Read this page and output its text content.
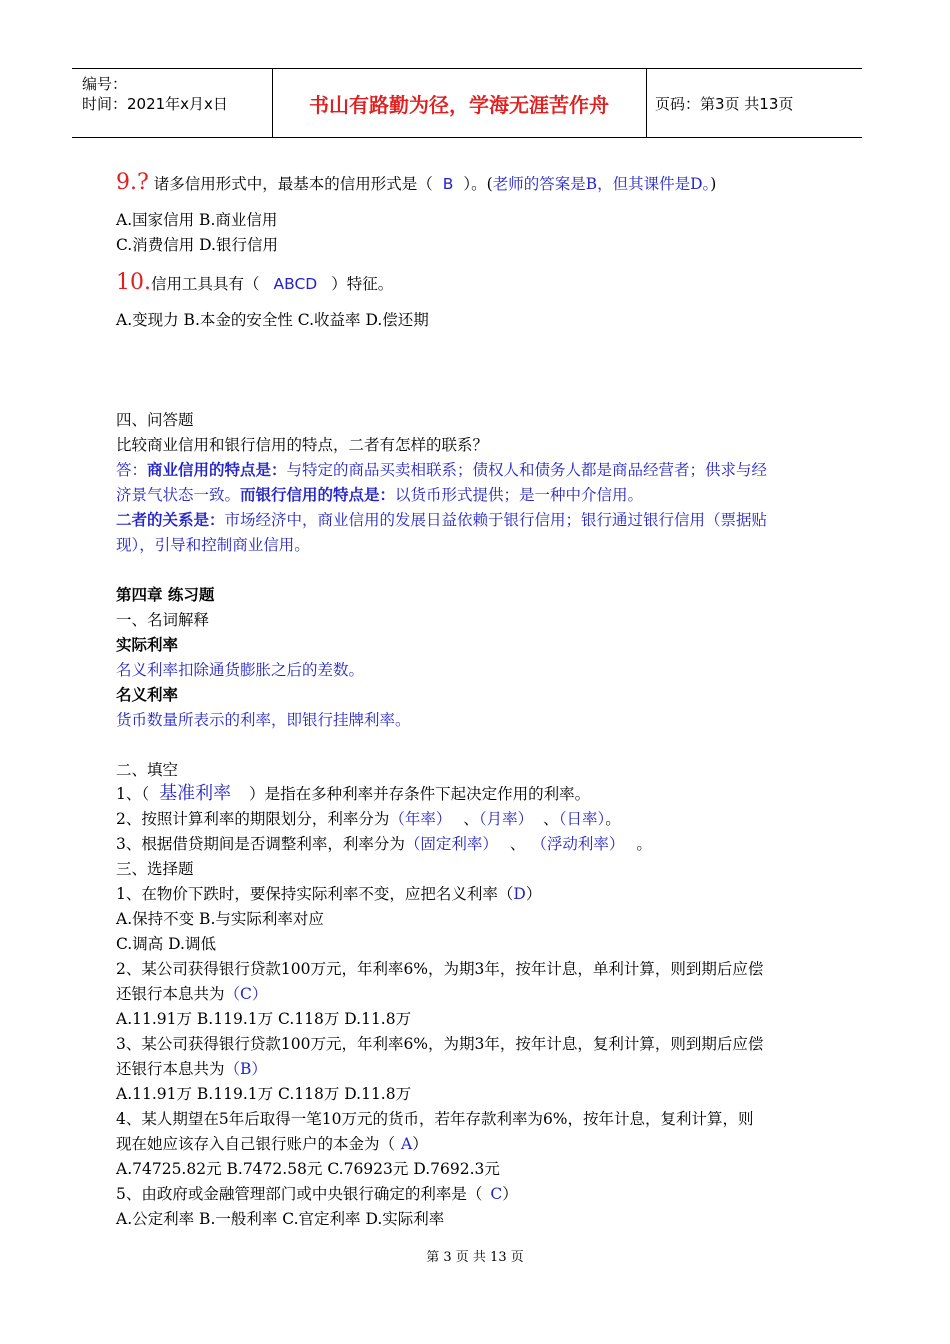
编号：
时间：2021年x月x日	书山有路勤为径，学海无涯苦作舟	页码：第3页 共13页
9.? 诸多信用形式中，最基本的信用形式是（ B ）。(老师的答案是B，但其课件是D。)
A.国家信用 B.商业信用
C.消费信用 D.银行信用
10.信用工具具有（ ABCD ）特征。
A.变现力 B.本金的安全性 C.收益率 D.偿还期
四、问答题
比较商业信用和银行信用的特点，二者有怎样的联系？
答：商业信用的特点是：与特定的商品买卖相联系；债权人和债务人都是商品经营者；供求与经
济景气状态一致。而银行信用的特点是：以货币形式提供；是一种中介信用。
二者的关系是：市场经济中，商业信用的发展日益依赖于银行信用；银行通过银行信用（票据贴
现），引导和控制商业信用。
第四章 练习题
一、名词解释
实际利率
名义利率扣除通货膨胀之后的差数。
名义利率
货币数量所表示的利率，即银行挂牌利率。
二、填空
1、（ 基准利率 ）是指在多种利率并存条件下起决定作用的利率。
2、按照计算利率的期限划分，利率分为（年率） 、（月率） 、（日率）。
3、根据借贷期间是否调整利率，利率分为（固定利率） 、 （浮动利率） 。
三、选择题
1、在物价下跌时，要保持实际利率不变，应把名义利率（D）
A.保持不变 B.与实际利率对应
C.调高 D.调低
2、某公司获得银行贷款100万元，年利率6%，为期3年，按年计息，单利计算，则到期后应偿
还银行本息共为（C）
A.11.91万 B.119.1万 C.118万 D.11.8万
3、某公司获得银行贷款100万元，年利率6%，为期3年，按年计息，复利计算，则到期后应偿
还银行本息共为（B）
A.11.91万 B.119.1万 C.118万 D.11.8万
4、某人期望在5年后取得一笔10万元的货币，若年存款利率为6%，按年计息，复利计算，则
现在她应该存入自己银行账户的本金为（ A）
A.74725.82元 B.7472.58元 C.76923元 D.7692.3元
5、由政府或金融管理部门或中央银行确定的利率是（ C）
A.公定利率 B.一般利率 C.官定利率 D.实际利率
第 3 页 共 13 页
